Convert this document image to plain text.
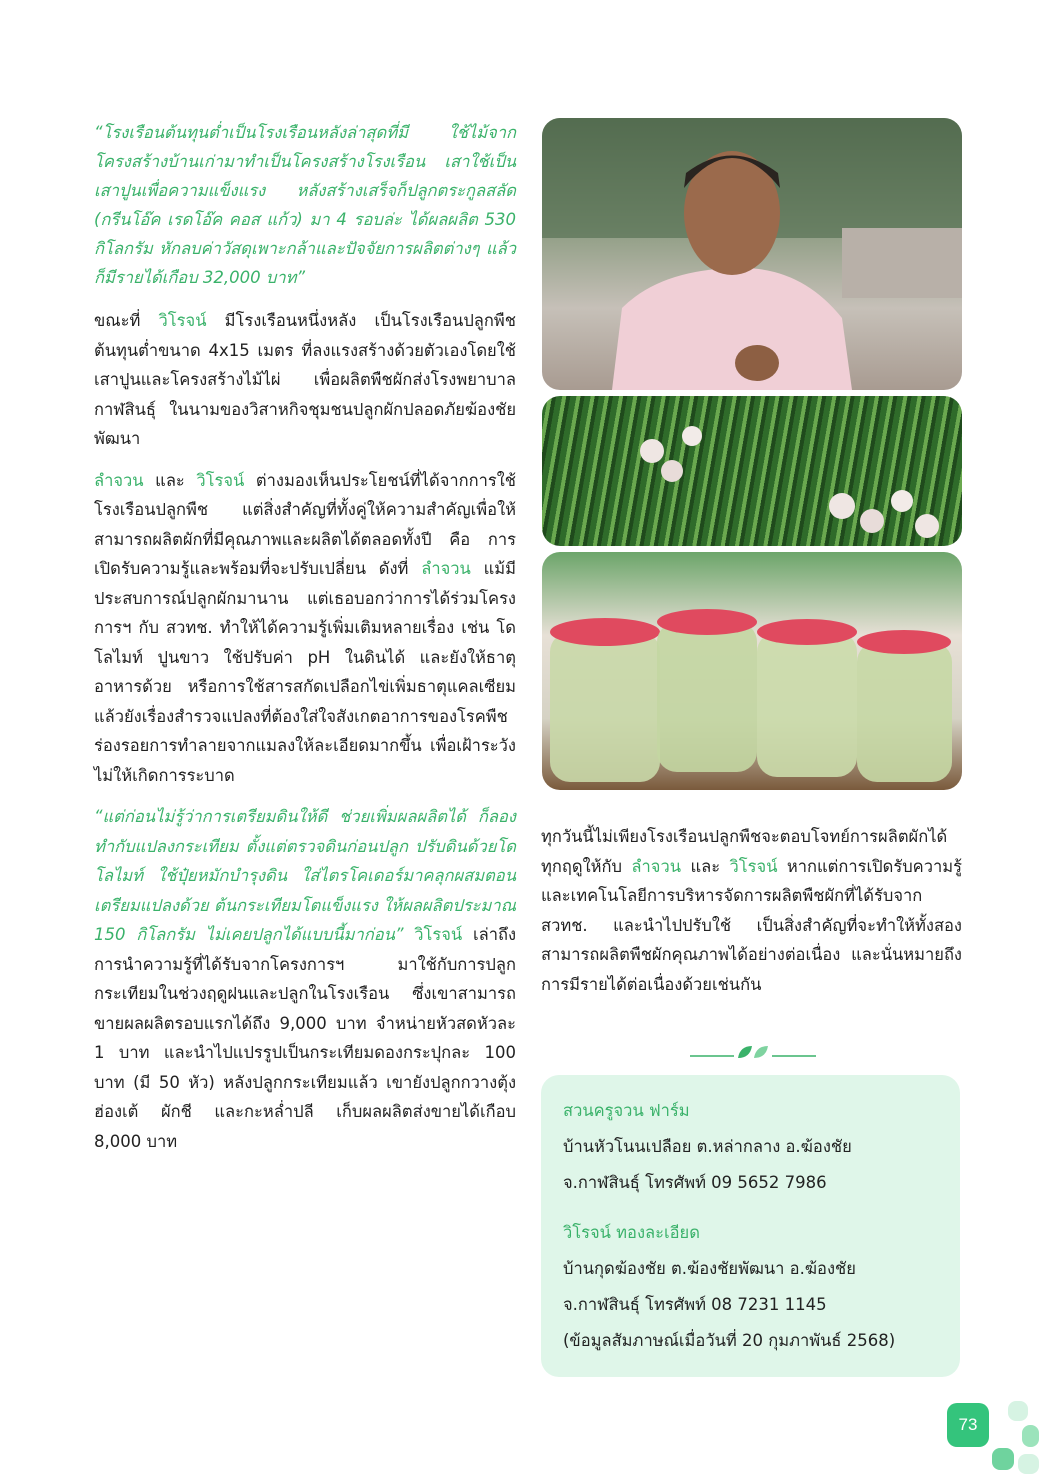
“โรงเรือนต้นทุนต่ำเป็นโรงเรือนหลังล่าสุดที่มี ใช้ไม้จากโครงสร้างบ้านเก่ามาทำเป็นโครงสร้างโรงเรือน เสาใช้เป็นเสาปูนเพื่อความแข็งแรง หลังสร้างเสร็จก็ปลูกตระกูลสลัด (กรีนโอ๊ค เรดโอ๊ค คอส แก้ว) มา 4 รอบล่ะ ได้ผลผลิต 530 กิโลกรัม หักลบค่าวัสดุเพาะกล้าและปัจจัยการผลิตต่างๆ แล้วก็มีรายได้เกือบ 32,000 บาท”

ขณะที่ วิโรจน์ มีโรงเรือนหนึ่งหลัง เป็นโรงเรือนปลูกพืชต้นทุนต่ำขนาด 4x15 เมตร ที่ลงแรงสร้างด้วยตัวเองโดยใช้เสาปูนและโครงสร้างไม้ไผ่ เพื่อผลิตพืชผักส่งโรงพยาบาลกาฬสินธุ์ ในนามของวิสาหกิจชุมชนปลูกผักปลอดภัยฆ้องชัยพัฒนา

ลำจวน และ วิโรจน์ ต่างมองเห็นประโยชน์ที่ได้จากการใช้โรงเรือนปลูกพืช แต่สิ่งสำคัญที่ทั้งคู่ให้ความสำคัญเพื่อให้สามารถผลิตผักที่มีคุณภาพและผลิตได้ตลอดทั้งปี คือ การเปิดรับความรู้และพร้อมที่จะปรับเปลี่ยน ดังที่ ลำจวน แม้มีประสบการณ์ปลูกผักมานาน แต่เธอบอกว่าการได้ร่วมโครงการฯ กับ สวทช. ทำให้ได้ความรู้เพิ่มเติมหลายเรื่อง เช่น โดโลไมท์ ปูนขาว ใช้ปรับค่า pH ในดินได้ และยังให้ธาตุอาหารด้วย หรือการใช้สารสกัดเปลือกไข่เพิ่มธาตุแคลเซียม แล้วยังเรื่องสำรวจแปลงที่ต้องใส่ใจสังเกตอาการของโรคพืช ร่องรอยการทำลายจากแมลงให้ละเอียดมากขึ้น เพื่อเฝ้าระวังไม่ให้เกิดการระบาด

“แต่ก่อนไม่รู้ว่าการเตรียมดินให้ดี ช่วยเพิ่มผลผลิตได้ ก็ลองทำกับแปลงกระเทียม ตั้งแต่ตรวจดินก่อนปลูก ปรับดินด้วยโดโลไมท์ ใช้ปุ๋ยหมักบำรุงดิน ใส่ไตรโคเดอร์มาคลุกผสมตอนเตรียมแปลงด้วย ต้นกระเทียมโตแข็งแรง ให้ผลผลิตประมาณ 150 กิโลกรัม ไม่เคยปลูกได้แบบนี้มาก่อน” วิโรจน์ เล่าถึงการนำความรู้ที่ได้รับจากโครงการฯ มาใช้กับการปลูกกระเทียมในช่วงฤดูฝนและปลูกในโรงเรือน ซึ่งเขาสามารถขายผลผลิตรอบแรกได้ถึง 9,000 บาท จำหน่ายหัวสดหัวละ 1 บาท และนำไปแปรรูปเป็นกระเทียมดองกระปุกละ 100 บาท (มี 50 หัว) หลังปลูกกระเทียมแล้ว เขายังปลูกกวางตุ้งฮ่องเต้ ผักชี และกะหล่ำปลี เก็บผลผลิตส่งขายได้เกือบ 8,000 บาท

ทุกวันนี้ไม่เพียงโรงเรือนปลูกพืชจะตอบโจทย์การผลิตผักได้ทุกฤดูให้กับ ลำจวน และ วิโรจน์ หากแต่การเปิดรับความรู้และเทคโนโลยีการบริหารจัดการผลิตพืชผักที่ได้รับจาก สวทช. และนำไปปรับใช้ เป็นสิ่งสำคัญที่จะทำให้ทั้งสองสามารถผลิตพืชผักคุณภาพได้อย่างต่อเนื่อง และนั่นหมายถึงการมีรายได้ต่อเนื่องด้วยเช่นกัน

สวนครูจวน ฟาร์ม

บ้านหัวโนนเปลือย ต.หล่ากลาง อ.ฆ้องชัย

จ.กาฬสินธุ์ โทรศัพท์ 09 5652 7986

วิโรจน์ ทองละเอียด

บ้านกุดฆ้องชัย ต.ฆ้องชัยพัฒนา อ.ฆ้องชัย

จ.กาฬสินธุ์ โทรศัพท์ 08 7231 1145

(ข้อมูลสัมภาษณ์เมื่อวันที่ 20 กุมภาพันธ์ 2568)

73
